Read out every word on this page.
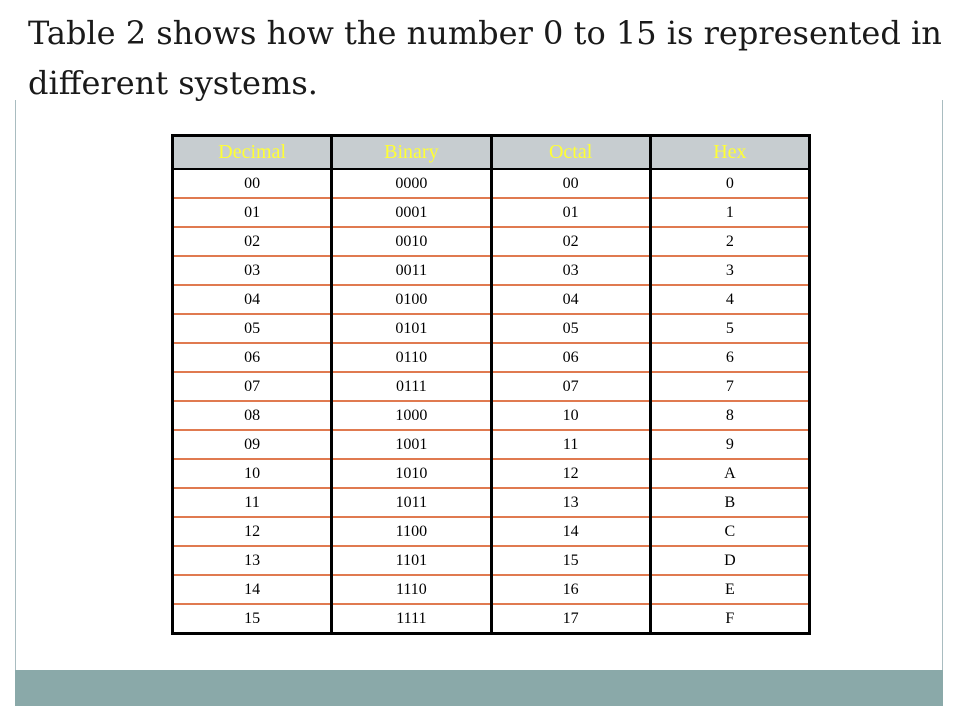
Table 2 shows how the number 0 to 15 is represented in different systems.
Decimal	Binary	Octal	Hex
00	0000	00	0
01	0001	01	1
02	0010	02	2
03	0011	03	3
04	0100	04	4
05	0101	05	5
06	0110	06	6
07	0111	07	7
08	1000	10	8
09	1001	11	9
10	1010	12	A
11	1011	13	B
12	1100	14	C
13	1101	15	D
14	1110	16	E
15	1111	17	F
